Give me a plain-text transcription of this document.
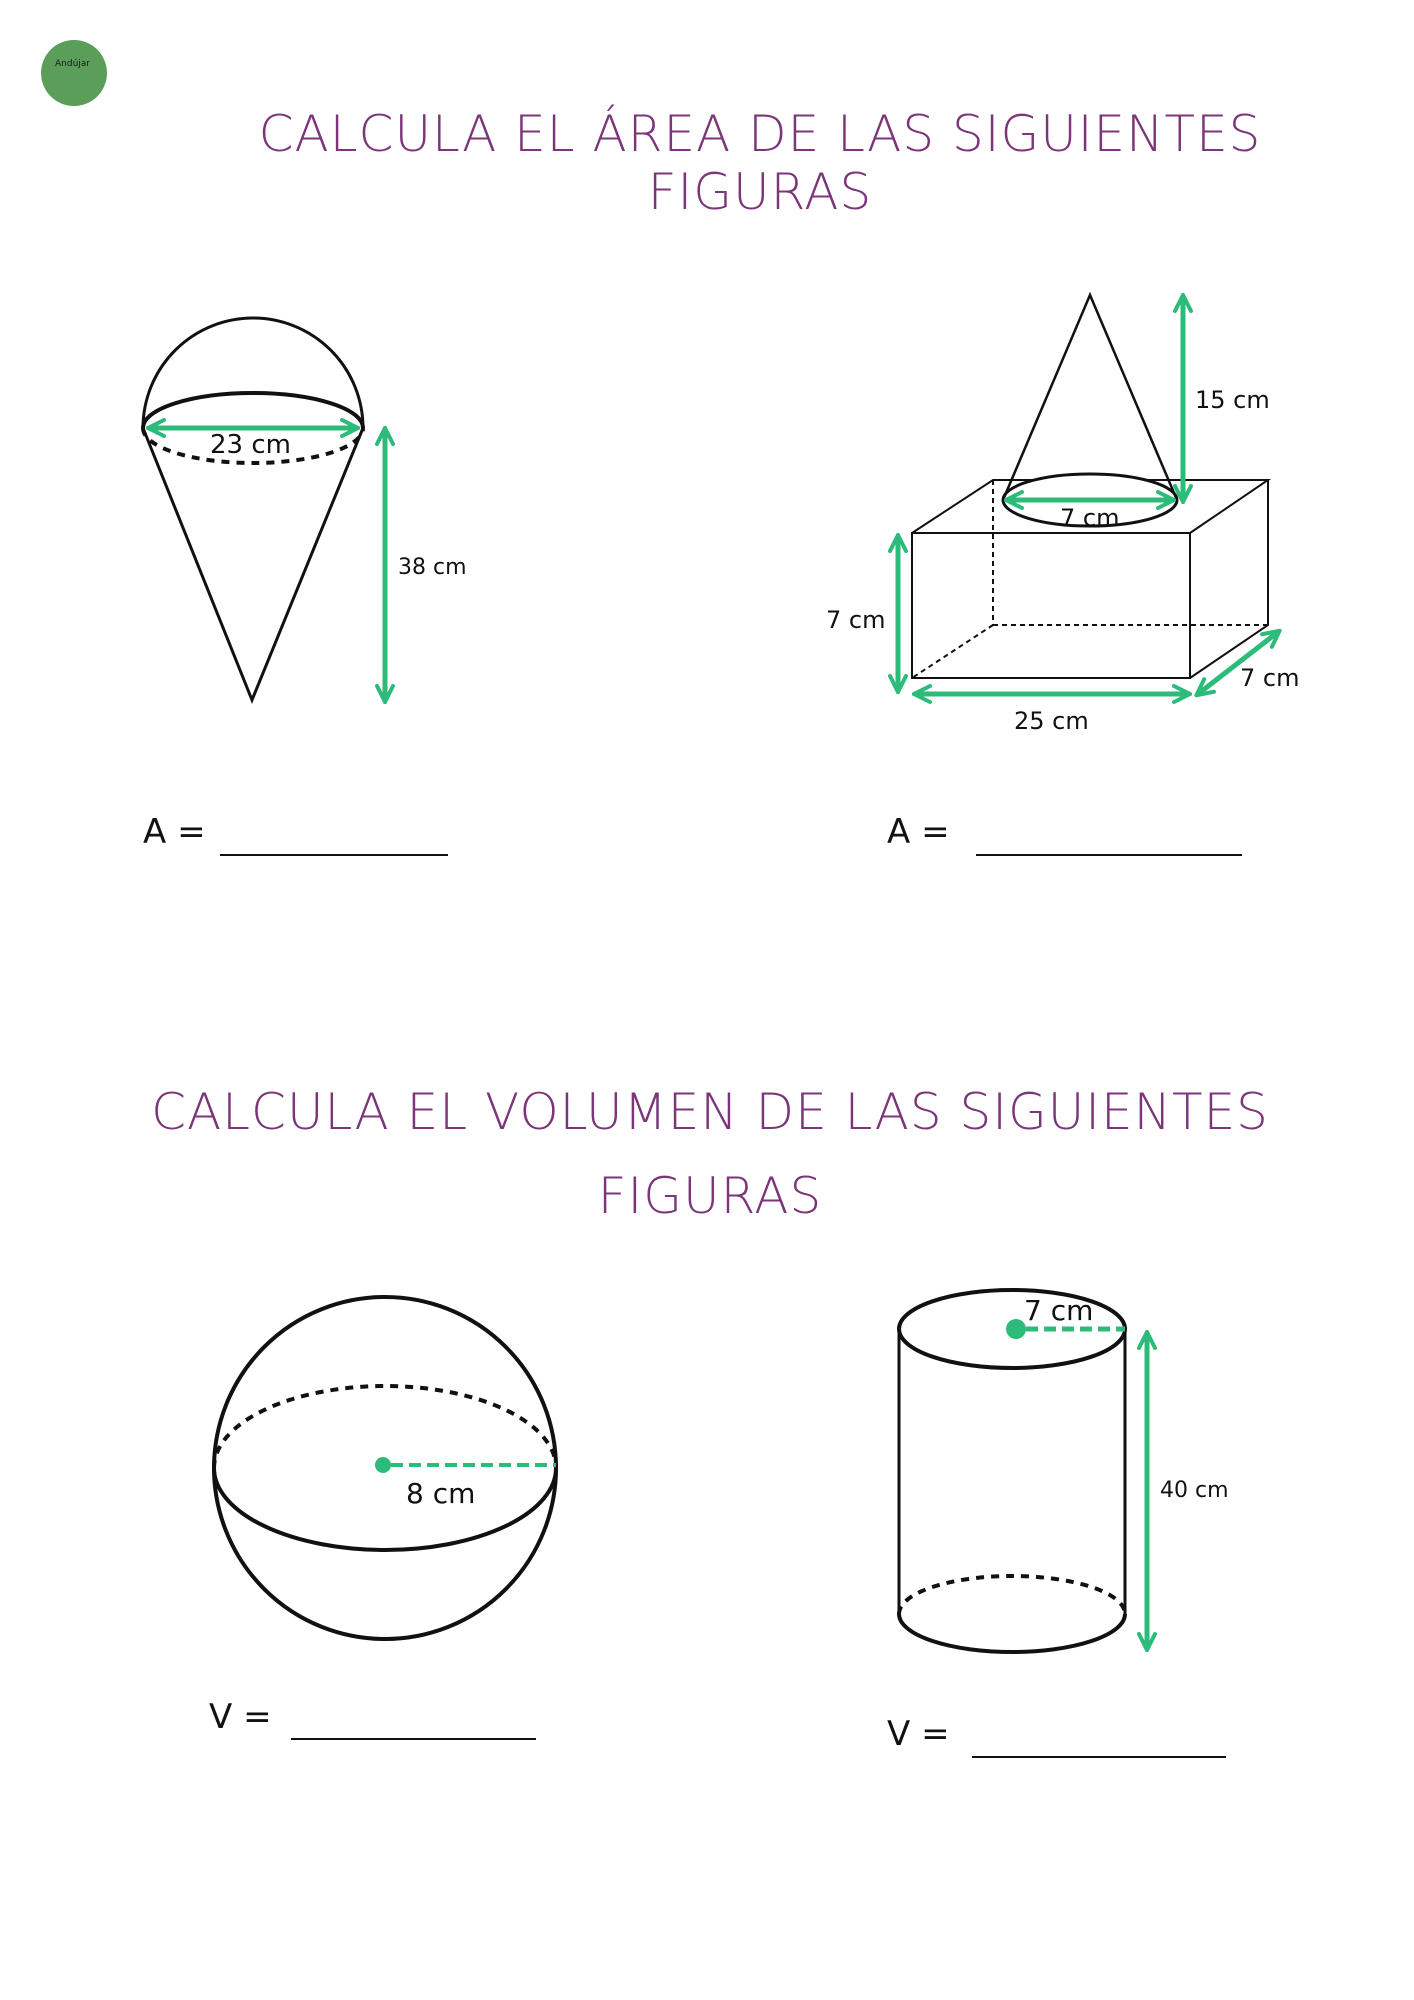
Andújar
CALCULA EL ÁREA DE LAS SIGUIENTES FIGURAS
CALCULA EL VOLUMEN DE LAS SIGUIENTES
FIGURAS
23 cm
38 cm
7 cm
15 cm
7 cm
25 cm
7 cm
8 cm
7 cm
40 cm
A =	A =
V =	V =
